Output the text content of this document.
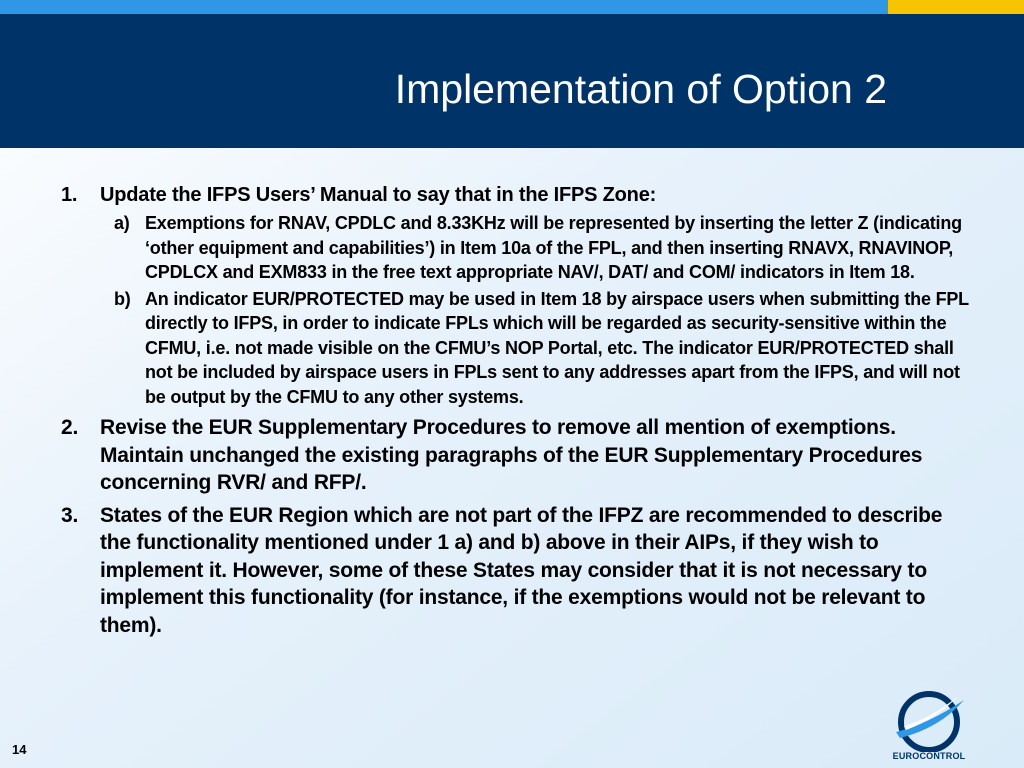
Implementation of Option 2
1. Update the IFPS Users’ Manual to say that in the IFPS Zone:
a) Exemptions for RNAV, CPDLC and 8.33KHz will be represented by inserting the letter Z (indicating ‘other equipment and capabilities’) in Item 10a of the FPL, and then inserting RNAVX, RNAVINOP, CPDLCX and EXM833 in the free text appropriate NAV/, DAT/ and COM/ indicators in Item 18.
b) An indicator EUR/PROTECTED may be used in Item 18 by airspace users when submitting the FPL directly to IFPS, in order to indicate FPLs which will be regarded as security-sensitive within the CFMU, i.e. not made visible on the CFMU’s NOP Portal, etc. The indicator EUR/PROTECTED shall not be included by airspace users in FPLs sent to any addresses apart from the IFPS, and will not be output by the CFMU to any other systems.
2. Revise the EUR Supplementary Procedures to remove all mention of exemptions. Maintain unchanged the existing paragraphs of the EUR Supplementary Procedures concerning RVR/ and RFP/.
3. States of the EUR Region which are not part of the IFPZ are recommended to describe the functionality mentioned under 1 a) and b) above in their AIPs, if they wish to implement it. However, some of these States may consider that it is not necessary to implement this functionality (for instance, if the exemptions would not be relevant to them).
14	EUROCONTROL
